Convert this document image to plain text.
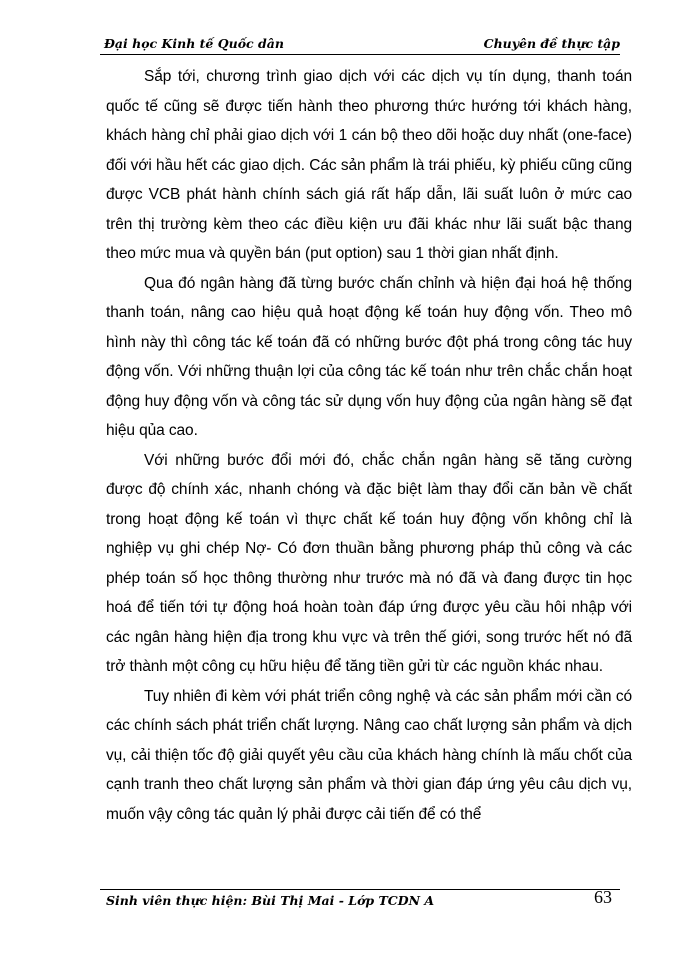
Đại học Kinh tế Quốc dân	Chuyên đề thực tập

Sắp tới, chương trình giao dịch với các dịch vụ tín dụng, thanh toán quốc tế cũng sẽ được tiến hành theo phương thức hướng tới khách hàng, khách hàng chỉ phải giao dịch với 1 cán bộ theo dõi hoặc duy nhất (one-face) đối với hầu hết các giao dịch. Các sản phẩm là trái phiếu, kỳ phiếu cũng cũng được VCB phát hành chính sách giá rất hấp dẫn, lãi suất luôn ở mức cao trên thị trường kèm theo các điều kiện ưu đãi khác như lãi suất bậc thang theo mức mua và quyền bán (put option) sau 1 thời gian nhất định.

Qua đó ngân hàng đã từng bước chấn chỉnh và hiện đại hoá hệ thống thanh toán, nâng cao hiệu quả hoạt động kế toán huy động vốn. Theo mô hình này thì công tác kế toán đã có những bước đột phá trong công tác huy động vốn. Với những thuận lợi của công tác kế toán như trên chắc chắn hoạt động huy động vốn và công tác sử dụng vốn huy động của ngân hàng sẽ đạt hiệu qủa cao.

Với những bước đổi mới đó, chắc chắn ngân hàng sẽ tăng cường được độ chính xác, nhanh chóng và đặc biệt làm thay đổi căn bản về chất trong hoạt động kế toán vì thực chất kế toán huy động vốn không chỉ là nghiệp vụ ghi chép Nợ- Có đơn thuần bằng phương pháp thủ công và các phép toán số học thông thường như trước mà nó đã và đang được tin học hoá để tiến tới tự động hoá hoàn toàn đáp ứng được yêu cầu hôi nhập với các ngân hàng hiện địa trong khu vực và trên thế giới, song trước hết nó đã trở thành một công cụ hữu hiệu để tăng tiền gửi từ các nguồn khác nhau.

Tuy nhiên đi kèm với phát triển công nghệ và các sản phẩm mới cần có các chính sách phát triển chất lượng. Nâng cao chất lượng sản phẩm và dịch vụ, cải thiện tốc độ giải quyết yêu cầu của khách hàng chính là mấu chốt của cạnh tranh theo chất lượng sản phẩm và thời gian đáp ứng yêu câu dịch vụ, muốn vậy công tác quản lý phải được cải tiến để có thể

Sinh viên thực hiện: Bùi Thị Mai - Lớp TCDN A	63
